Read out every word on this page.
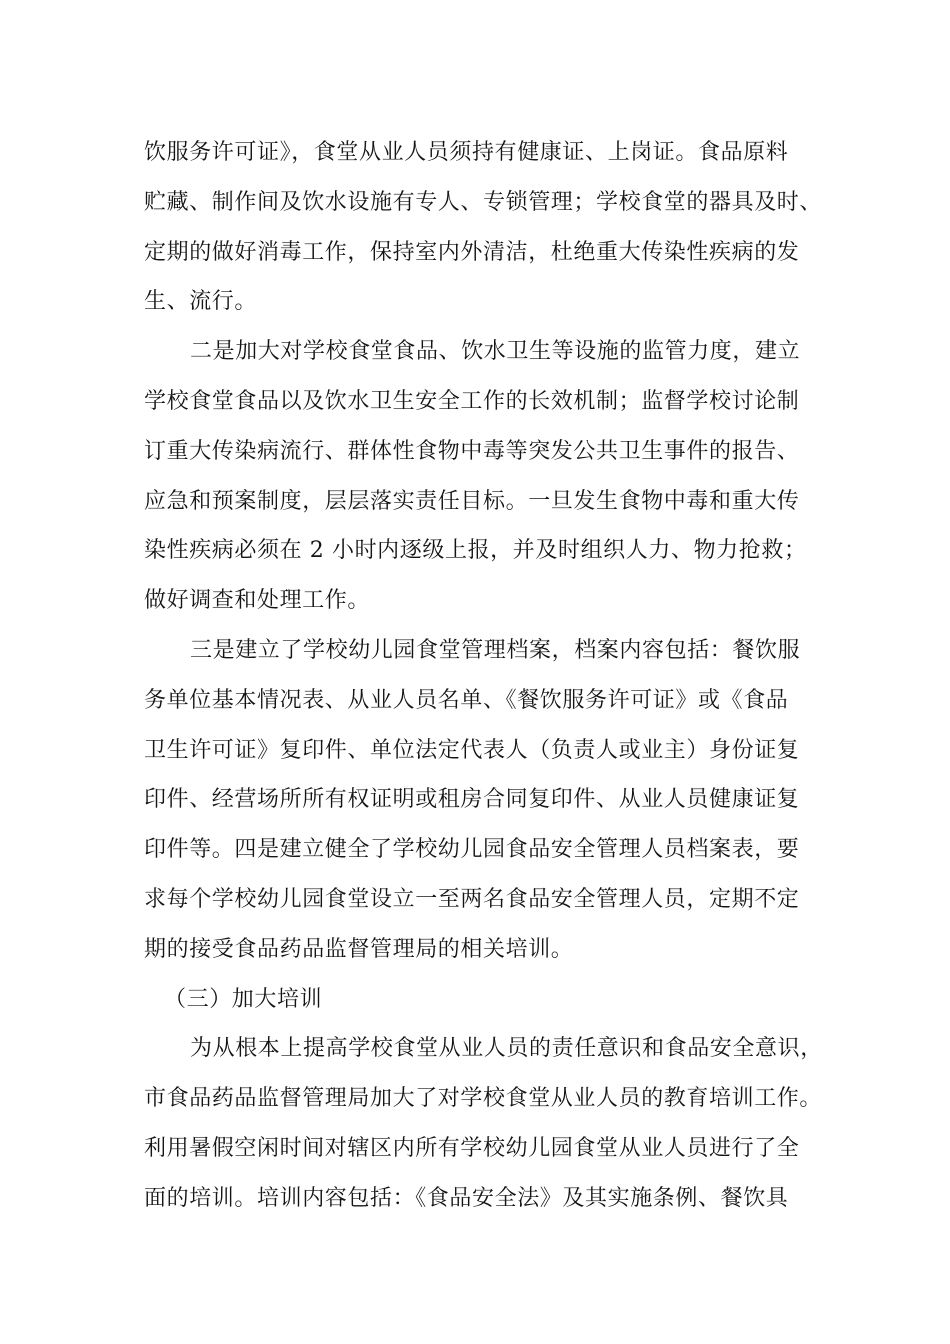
饮服务许可证》，食堂从业人员须持有健康证、上岗证。食品原料
贮藏、制作间及饮水设施有专人、专锁管理；学校食堂的器具及时、
定期的做好消毒工作，保持室内外清洁，杜绝重大传染性疾病的发
生、流行。
二是加大对学校食堂食品、饮水卫生等设施的监管力度，建立
学校食堂食品以及饮水卫生安全工作的长效机制；监督学校讨论制
订重大传染病流行、群体性食物中毒等突发公共卫生事件的报告、
应急和预案制度，层层落实责任目标。一旦发生食物中毒和重大传
染性疾病必须在 2 小时内逐级上报，并及时组织人力、物力抢救；
做好调查和处理工作。
三是建立了学校幼儿园食堂管理档案，档案内容包括：餐饮服
务单位基本情况表、从业人员名单、《餐饮服务许可证》或《食品
卫生许可证》复印件、单位法定代表人（负责人或业主）身份证复
印件、经营场所所有权证明或租房合同复印件、从业人员健康证复
印件等。四是建立健全了学校幼儿园食品安全管理人员档案表，要
求每个学校幼儿园食堂设立一至两名食品安全管理人员，定期不定
期的接受食品药品监督管理局的相关培训。
（三）加大培训
为从根本上提高学校食堂从业人员的责任意识和食品安全意识，
市食品药品监督管理局加大了对学校食堂从业人员的教育培训工作。
利用暑假空闲时间对辖区内所有学校幼儿园食堂从业人员进行了全
面的培训。培训内容包括：《食品安全法》及其实施条例、餐饮具
